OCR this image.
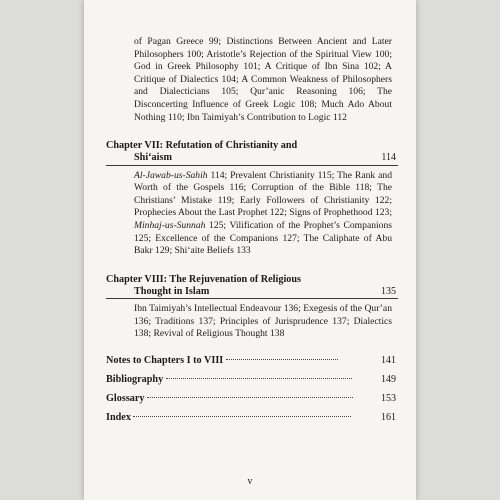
of Pagan Greece 99; Distinctions Between Ancient and Later Philosophers 100; Aristotle’s Rejection of the Spiritual View 100; God in Greek Philosophy 101; A Critique of Ibn Sina 102; A Critique of Dialectics 104; A Common Weakness of Philosophers and Dialecticians 105; Qur’anic Reasoning 106; The Disconcerting Influence of Greek Logic 108; Much Ado About Nothing 110; Ibn Taimiyah’s Contribution to Logic 112
Chapter VII: Refutation of Christianity and
Shi‘aism	114
Al-Jawab-us-Sahih 114; Prevalent Christianity 115; The Rank and Worth of the Gospels 116; Corruption of the Bible 118; The Christians’ Mistake 119; Early Followers of Christianity 122; Prophecies About the Last Prophet 122; Signs of Prophethood 123; Minhaj-us-Sunnah 125; Vilification of the Prophet’s Companions 125; Excellence of the Companions 127; The Caliphate of Abu Bakr 129; Shi‘aite Beliefs 133
Chapter VIII: The Rejuvenation of Religious
Thought in Islam	135
Ibn Taimiyah’s Intellectual Endeavour 136; Exegesis of the Qur’an 136; Traditions 137; Principles of Jurisprudence 137; Dialectics 138; Revival of Religious Thought 138
Notes to Chapters I to VIII	141
Bibliography	149
Glossary	153
Index	161
v
